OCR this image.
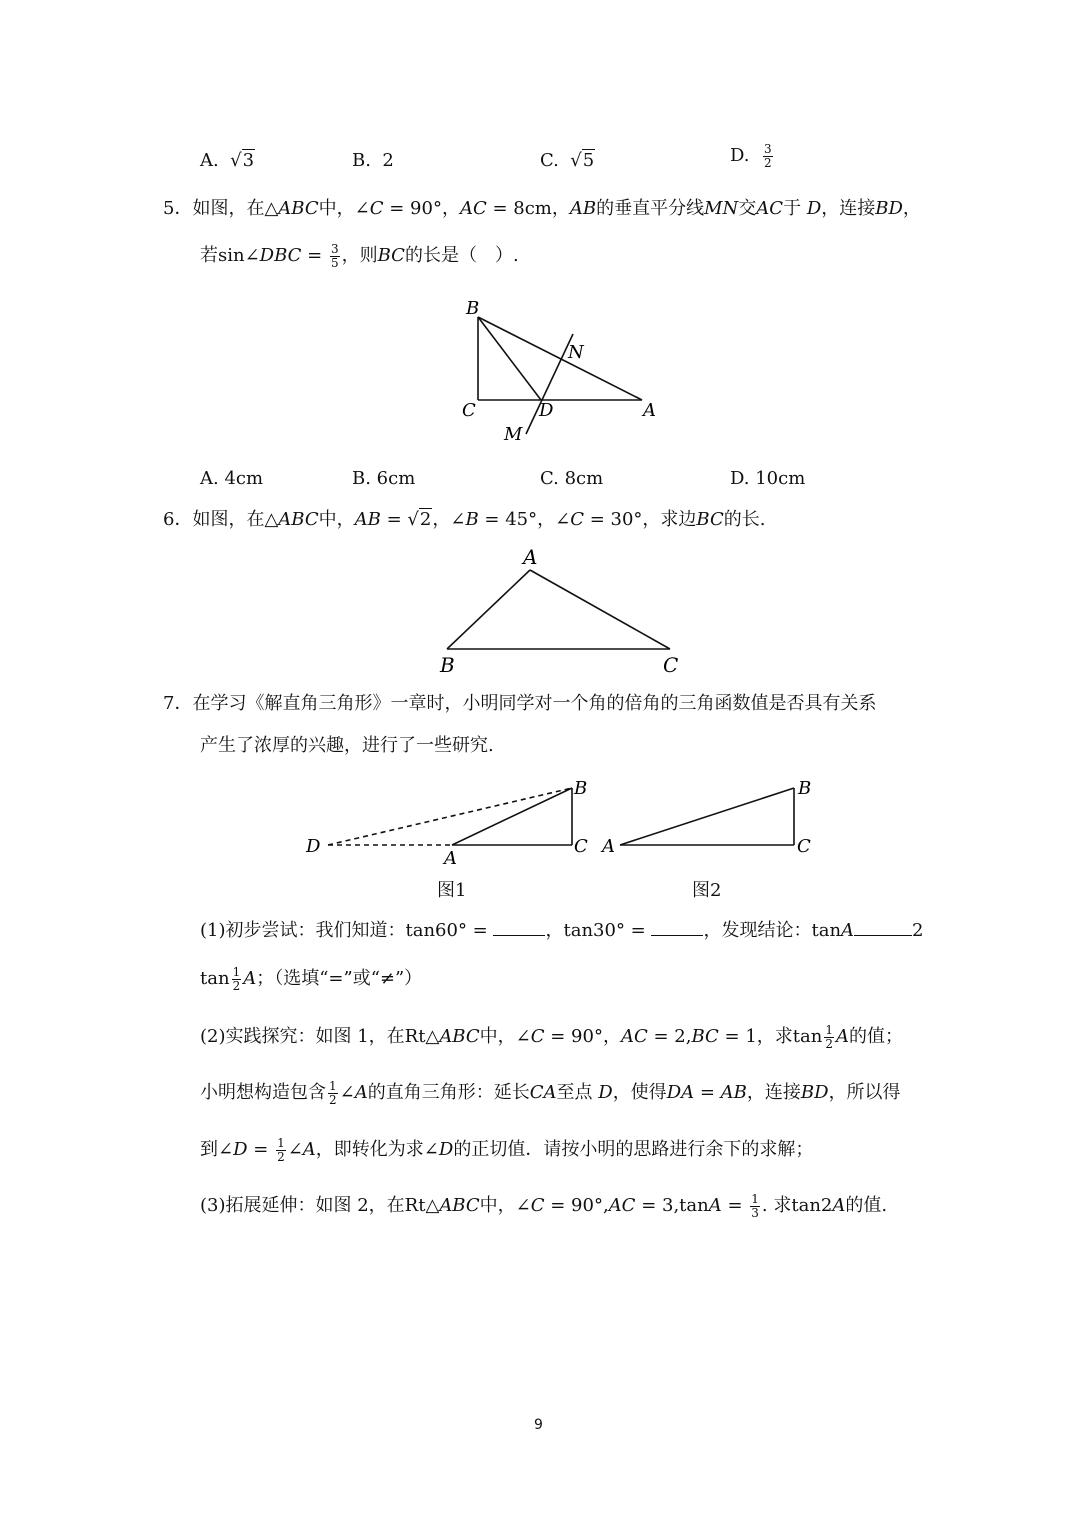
A.  √3	B. 2	C.  √5	D. $\frac{3}{2}$
5．如图，在△ABC中，∠C = 90°，AC = 8cm，AB的垂直平分线MN交AC于 D，连接BD，
若sin∠DBC = $\frac{3}{5}$ ，则BC的长是（　）.
B
N
C	D	A
M
A. 4cm	B. 6cm	C. 8cm	D. 10cm
6．如图，在△ABC中，AB = √2，∠B = 45°，∠C = 30°，求边BC的长.
A
B	C
7．在学习《解直角三角形》一章时，小明同学对一个角的倍角的三角函数值是否具有关系
产生了浓厚的兴趣，进行了一些研究.
D
A
B
C A
B
C
图1	图2
(1)初步尝试：我们知道：tan60° =	，tan30° =	，发现结论：tanA	2
$\tan \frac{1}{2}$ A；（选填“=”或“≠”）
(2)实践探究：如图 1，在Rt△ABC中，∠C = 90°，AC = 2,BC = 1，求$\tan \frac{1}{2}$ A的值；
小明想构造包含 $\frac{1}{2}$ ∠A的直角三角形：延长CA至点 D，使得DA = AB，连接BD，所以得
到∠D = $\frac{1}{2}$ ∠A，即转化为求∠D的正切值．请按小明的思路进行余下的求解；
(3)拓展延伸：如图 2，在Rt△ABC中，∠C = $90^\circ,AC = 3,\tan A = \frac{1}{3}$ . 求tan2A的值.
9
